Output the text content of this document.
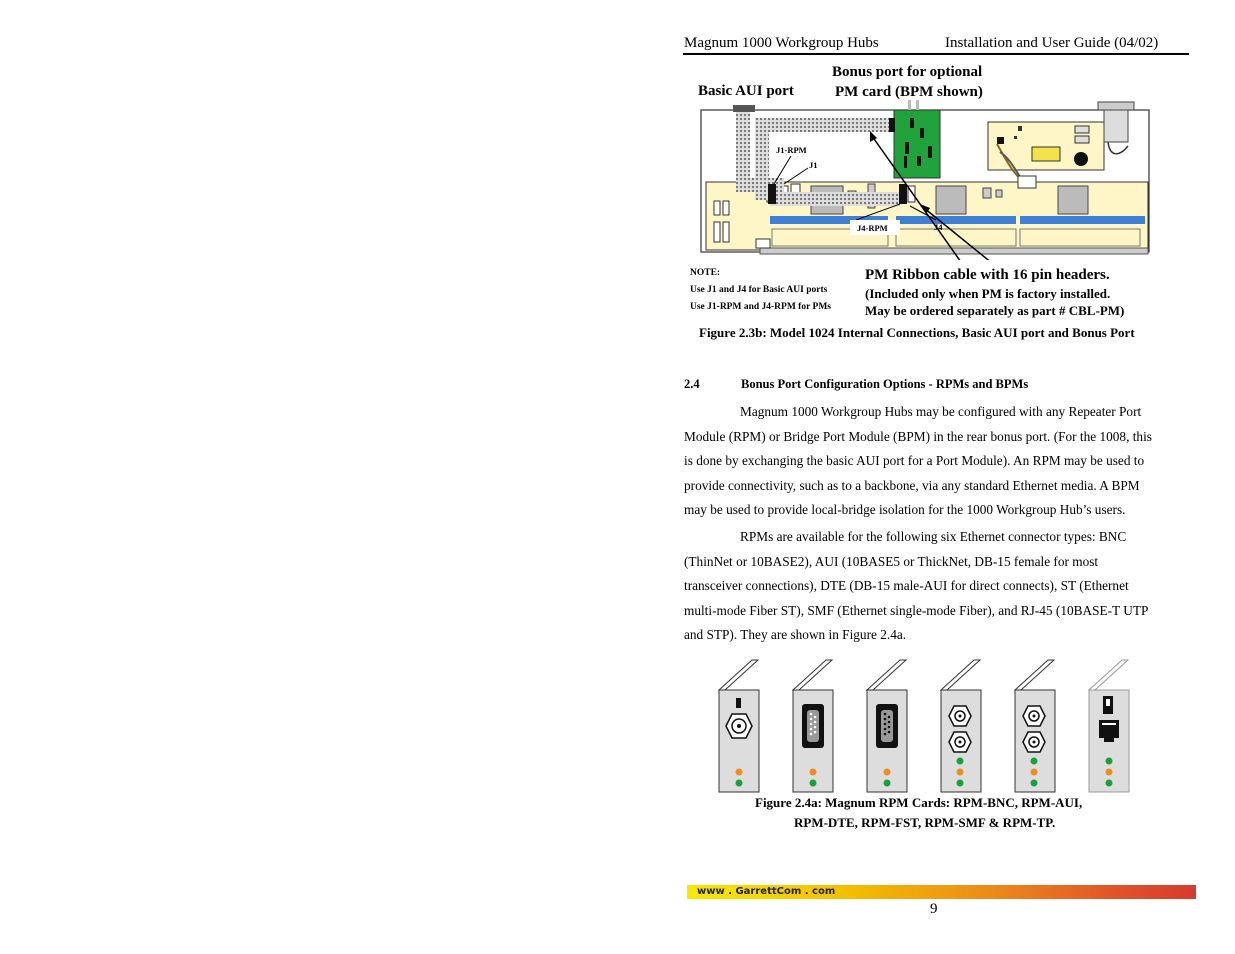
Magnum 1000 Workgroup Hubs	Installation and User Guide (04/02)
Basic AUI port
Bonus port for optional
PM card (BPM shown)
J1-RPM
J1
J4-RPM	J4
NOTE:
Use J1 and J4 for Basic AUI ports
Use J1-RPM and J4-RPM for PMs
PM Ribbon cable with 16 pin headers.
(Included only when PM is factory installed.
May be ordered separately as part # CBL-PM)
Figure 2.3b: Model 1024 Internal Connections, Basic AUI port and Bonus Port
2.4	Bonus Port Configuration Options - RPMs and BPMs
Magnum 1000 Workgroup Hubs may be configured with any Repeater Port
Module (RPM) or Bridge Port Module (BPM) in the rear bonus port. (For the 1008, this
is done by exchanging the basic AUI port for a Port Module). An RPM may be used to
provide connectivity, such as to a backbone, via any standard Ethernet media. A BPM
may be used to provide local-bridge isolation for the 1000 Workgroup Hub’s users.
RPMs are available for the following six Ethernet connector types: BNC
(ThinNet or 10BASE2), AUI (10BASE5 or ThickNet, DB-15 female for most
transceiver connections), DTE (DB-15 male-AUI for direct connects), ST (Ethernet
multi-mode Fiber ST), SMF (Ethernet single-mode Fiber), and RJ-45 (10BASE-T UTP
and STP). They are shown in Figure 2.4a.
Figure 2.4a: Magnum RPM Cards: RPM-BNC, RPM-AUI,
RPM-DTE, RPM-FST, RPM-SMF & RPM-TP.
www . GarrettCom . com
9
